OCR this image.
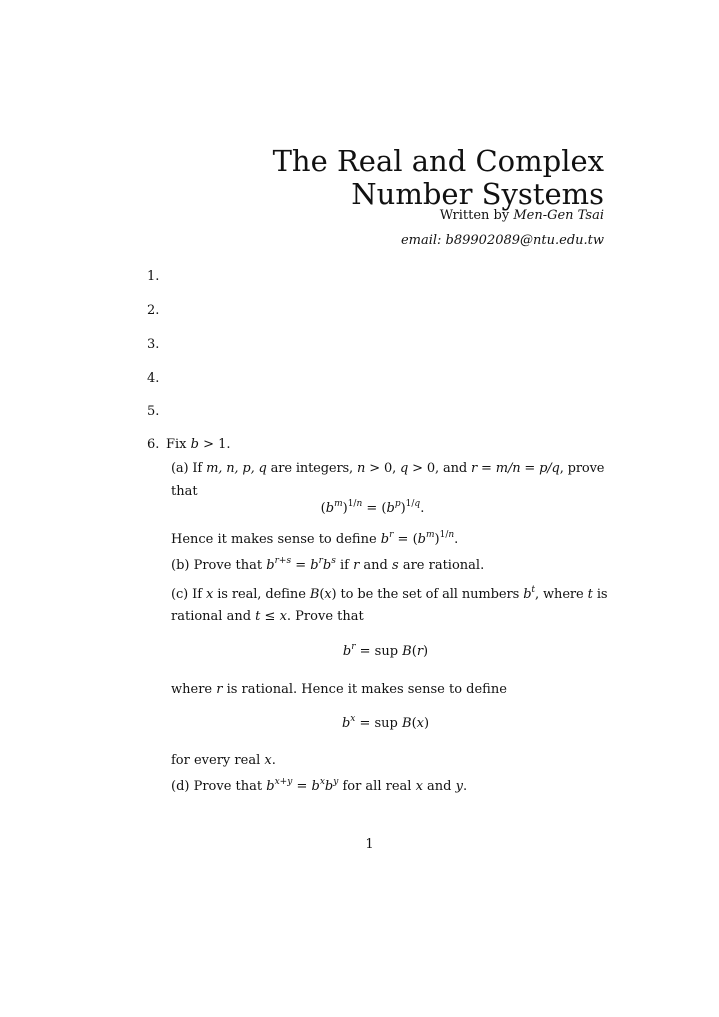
The Real and Complex Number Systems
Written by Men-Gen Tsai
email: b89902089@ntu.edu.tw
1.
2.
3.
4.
5.
6. Fix b > 1.
(a) If m, n, p, q are integers, n > 0, q > 0, and r = m/n = p/q, prove
that
$(b^m)^{1/n} = (b^p)^{1/q}$.
Hence it makes sense to define $b^r = (b^m)^{1/n}$.
(b) Prove that $b^{r+s} = b^rb^s$ if r and s are rational.
(c) If x is real, define B(x) to be the set of all numbers $b^t$, where t is
rational and t ≤ x. Prove that
$b^r$ = sup B(r)
where r is rational. Hence it makes sense to define
$b^x$ = sup B(x)
for every real x.
(d) Prove that $b^{x+y} = b^xb^y$ for all real x and y.
1
